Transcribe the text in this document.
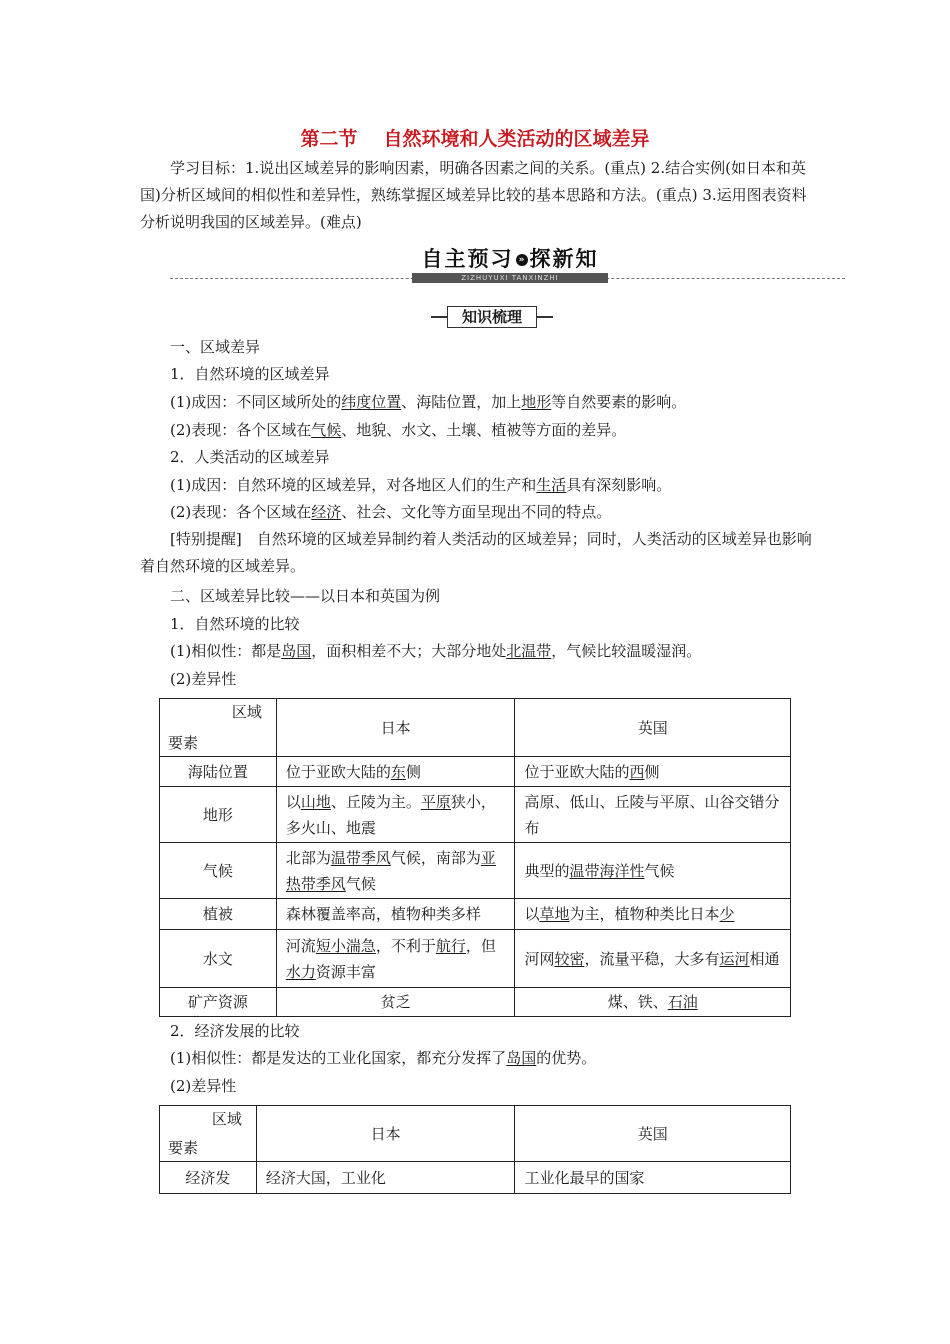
第二节 自然环境和人类活动的区域差异
学习目标：1.说出区域差异的影响因素，明确各因素之间的关系。(重点) 2.结合实例(如日本和英国)分析区域间的相似性和差异性，熟练掌握区域差异比较的基本思路和方法。(重点) 3.运用图表资料分析说明我国的区域差异。(难点)
自主预习 » 探新知
ZIZHUYUXI TANXINZHI
知识梳理
一、区域差异
1．自然环境的区域差异
(1)成因：不同区域所处的纬度位置、海陆位置，加上地形等自然要素的影响。
(2)表现：各个区域在气候、地貌、水文、土壤、植被等方面的差异。
2．人类活动的区域差异
(1)成因：自然环境的区域差异，对各地区人们的生产和生活具有深刻影响。
(2)表现：各个区域在经济、社会、文化等方面呈现出不同的特点。
[特别提醒]　自然环境的区域差异制约着人类活动的区域差异；同时，人类活动的区域差异也影响着自然环境的区域差异。
二、区域差异比较——以日本和英国为例
1．自然环境的比较
(1)相似性：都是岛国，面积相差不大；大部分地处北温带，气候比较温暖湿润。
(2)差异性
区域
要素	日本	英国
海陆位置	位于亚欧大陆的东侧	位于亚欧大陆的西侧
地形	以山地、丘陵为主。平原狭小，多火山、地震	高原、低山、丘陵与平原、山谷交错分布
气候	北部为温带季风气候，南部为亚热带季风气候	典型的温带海洋性气候
植被	森林覆盖率高，植物种类多样	以草地为主，植物种类比日本少
水文	河流短小湍急，不利于航行，但水力资源丰富	河网较密，流量平稳，大多有运河相通
矿产资源	贫乏	煤、铁、石油
2．经济发展的比较
(1)相似性：都是发达的工业化国家，都充分发挥了岛国的优势。
(2)差异性
区域
要素	日本	英国
经济发	经济大国，工业化	工业化最早的国家
